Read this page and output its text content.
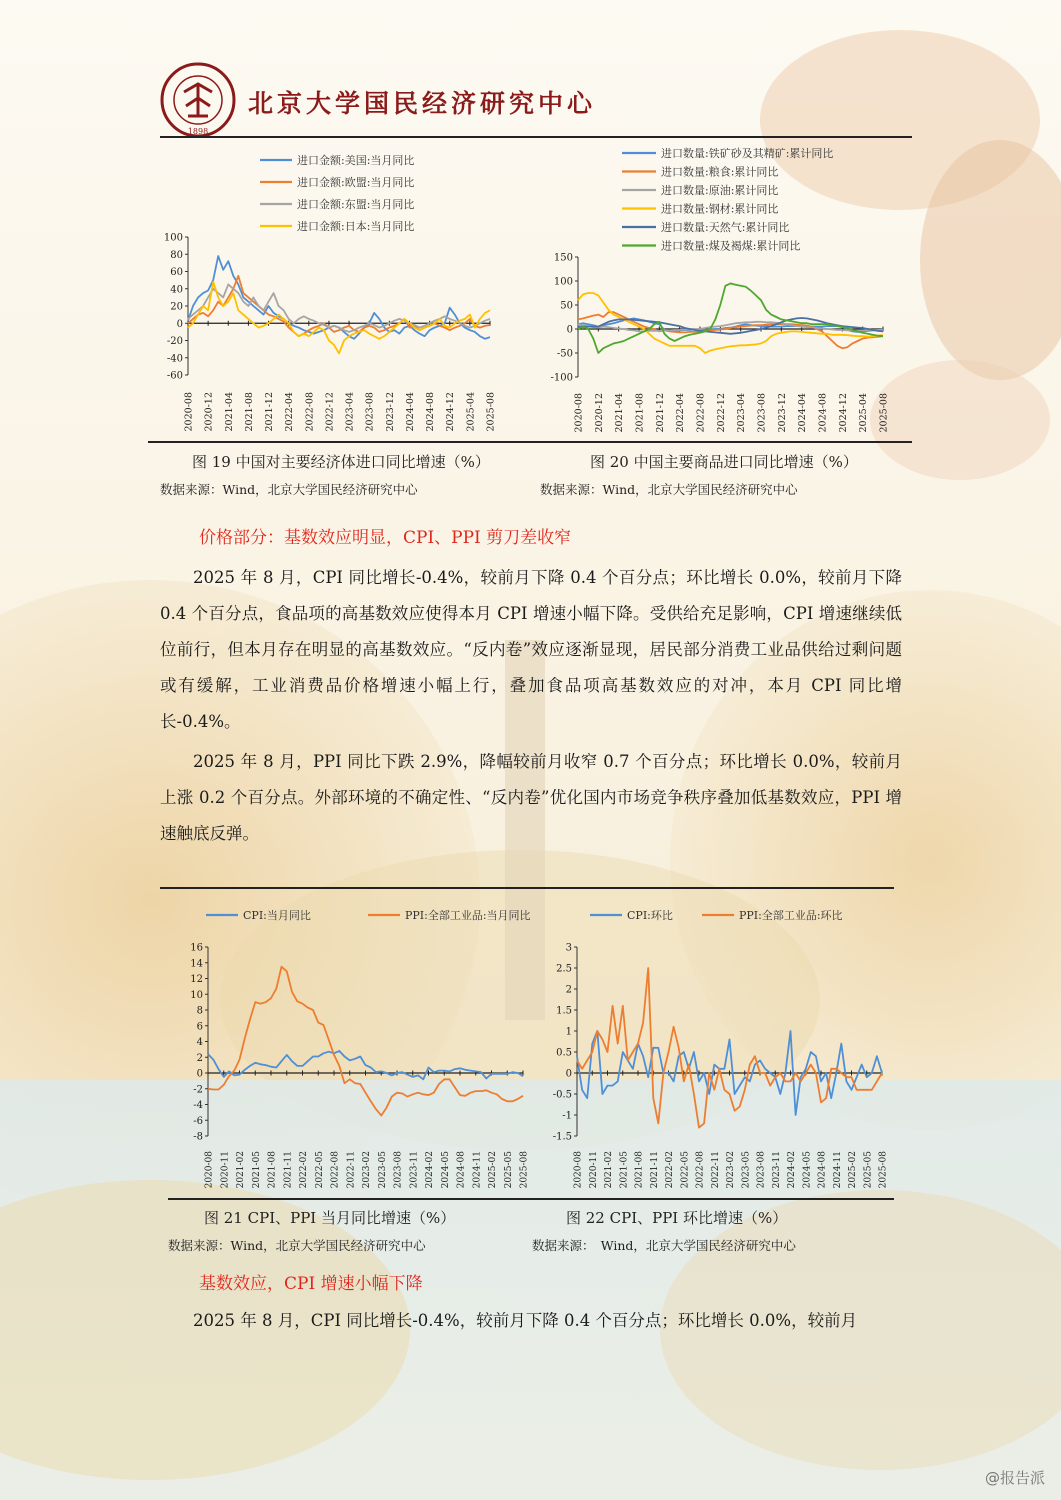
1898
北京大学国民经济研究中心
进口金额:美国:当月同比
进口金额:欧盟:当月同比
进口金额:东盟:当月同比
进口金额:日本:当月同比
-60
-40
-20
0
20
40
60
80
100
2020-08 2020-12 2021-04 2021-08 2021-12 2022-04 2022-08 2022-12 2023-04 2023-08 2023-12 2024-04 2024-08 2024-12 2025-04 2025-08
进口数量:铁矿砂及其精矿:累计同比
进口数量:粮食:累计同比
进口数量:原油:累计同比
进口数量:钢材:累计同比
进口数量:天然气:累计同比
进口数量:煤及褐煤:累计同比
-100
-50
0
50
100
150
2020-08 2020-12 2021-04 2021-08 2021-12 2022-04 2022-08 2022-12 2023-04 2023-08 2023-12 2024-04 2024-08 2024-12 2025-04 2025-08
图 19 中国对主要经济体进口同比增速（%）	图 20 中国主要商品进口同比增速（%）
数据来源：Wind，北京大学国民经济研究中心	数据来源：Wind，北京大学国民经济研究中心
价格部分：基数效应明显，CPI、PPI 剪刀差收窄

2025 年 8 月，CPI 同比增长-0.4%，较前月下降 0.4 个百分点；环比增长 0.0%，较前月下降 0.4 个百分点，食品项的高基数效应使得本月 CPI 增速小幅下降。受供给充足影响，CPI 增速继续低位前行，但本月存在明显的高基数效应。“反内卷”效应逐渐显现，居民部分消费工业品供给过剩问题或有缓解，工业消费品价格增速小幅上行，叠加食品项高基数效应的对冲，本月 CPI 同比增长-0.4%。

2025 年 8 月，PPI 同比下跌 2.9%，降幅较前月收窄 0.7 个百分点；环比增长 0.0%，较前月上涨 0.2 个百分点。外部环境的不确定性、“反内卷”优化国内市场竞争秩序叠加低基数效应，PPI 增速触底反弹。

CPI:当月同比	PPI:全部工业品:当月同比
-8
-6
-4
-2
0
2
4
6
8
10
12
14
16
2020-08 2020-11 2021-02 2021-05 2021-08 2021-11 2022-02 2022-05 2022-08 2022-11 2023-02 2023-05 2023-08 2023-11 2024-02 2024-05 2024-08 2024-11 2025-02 2025-05 2025-08
CPI:环比	PPI:全部工业品:环比
-1.5
-1
-0.5
0
0.5
1
1.5
2
2.5
3
2020-08 2020-11 2021-02 2021-05 2021-08 2021-11 2022-02 2022-05 2022-08 2022-11 2023-02 2023-05 2023-08 2023-11 2024-02 2024-05 2024-08 2024-11 2025-02 2025-05 2025-08
图 21 CPI、PPI 当月同比增速（%）	图 22 CPI、PPI 环比增速（%）
数据来源：Wind，北京大学国民经济研究中心	数据来源：　Wind，北京大学国民经济研究中心
基数效应，CPI 增速小幅下降

2025 年 8 月，CPI 同比增长-0.4%，较前月下降 0.4 个百分点；环比增长 0.0%，较前月

@报告派
